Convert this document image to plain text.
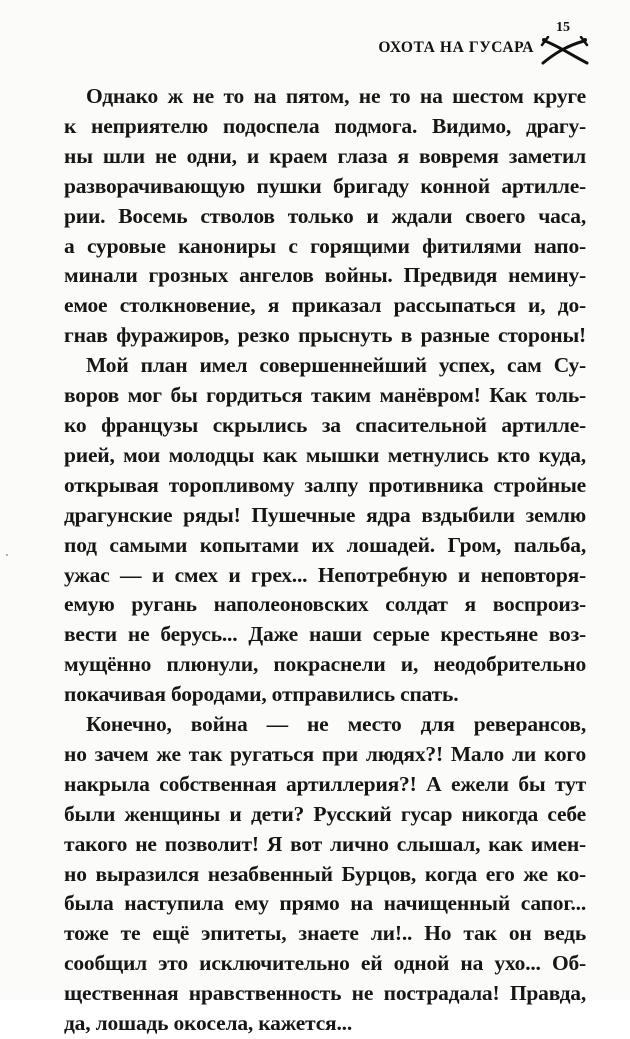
ОХОТА НА ГУСАРА
15

Однако ж не то на пятом, не то на шестом круге
к неприятелю подоспела подмога. Видимо, драгу-
ны шли не одни, и краем глаза я вовремя заметил
разворачивающую пушки бригаду конной артилле-
рии. Восемь стволов только и ждали своего часа,
а суровые канониры с горящими фитилями напо-
минали грозных ангелов войны. Предвидя немину-
емое столкновение, я приказал рассыпаться и, до-
гнав фуражиров, резко прыснуть в разные стороны!

Мой план имел совершеннейший успех, сам Су-
воров мог бы гордиться таким манёвром! Как толь-
ко французы скрылись за спасительной артилле-
рией, мои молодцы как мышки метнулись кто куда,
открывая торопливому залпу противника стройные
драгунские ряды! Пушечные ядра вздыбили землю
под самыми копытами их лошадей. Гром, пальба,
ужас — и смех и грех... Непотребную и неповторя-
емую ругань наполеоновских солдат я воспроиз-
вести не берусь... Даже наши серые крестьяне воз-
мущённо плюнули, покраснели и, неодобрительно
покачивая бородами, отправились спать.

Конечно, война — не место для реверансов,
но зачем же так ругаться при людях?! Мало ли кого
накрыла собственная артиллерия?! А ежели бы тут
были женщины и дети? Русский гусар никогда себе
такого не позволит! Я вот лично слышал, как имен-
но выразился незабвенный Бурцов, когда его же ко-
была наступила ему прямо на начищенный сапог...
тоже те ещё эпитеты, знаете ли!.. Но так он ведь
сообщил это исключительно ей одной на ухо... Об-
щественная нравственность не пострадала! Правда,
да, лошадь окосела, кажется...
